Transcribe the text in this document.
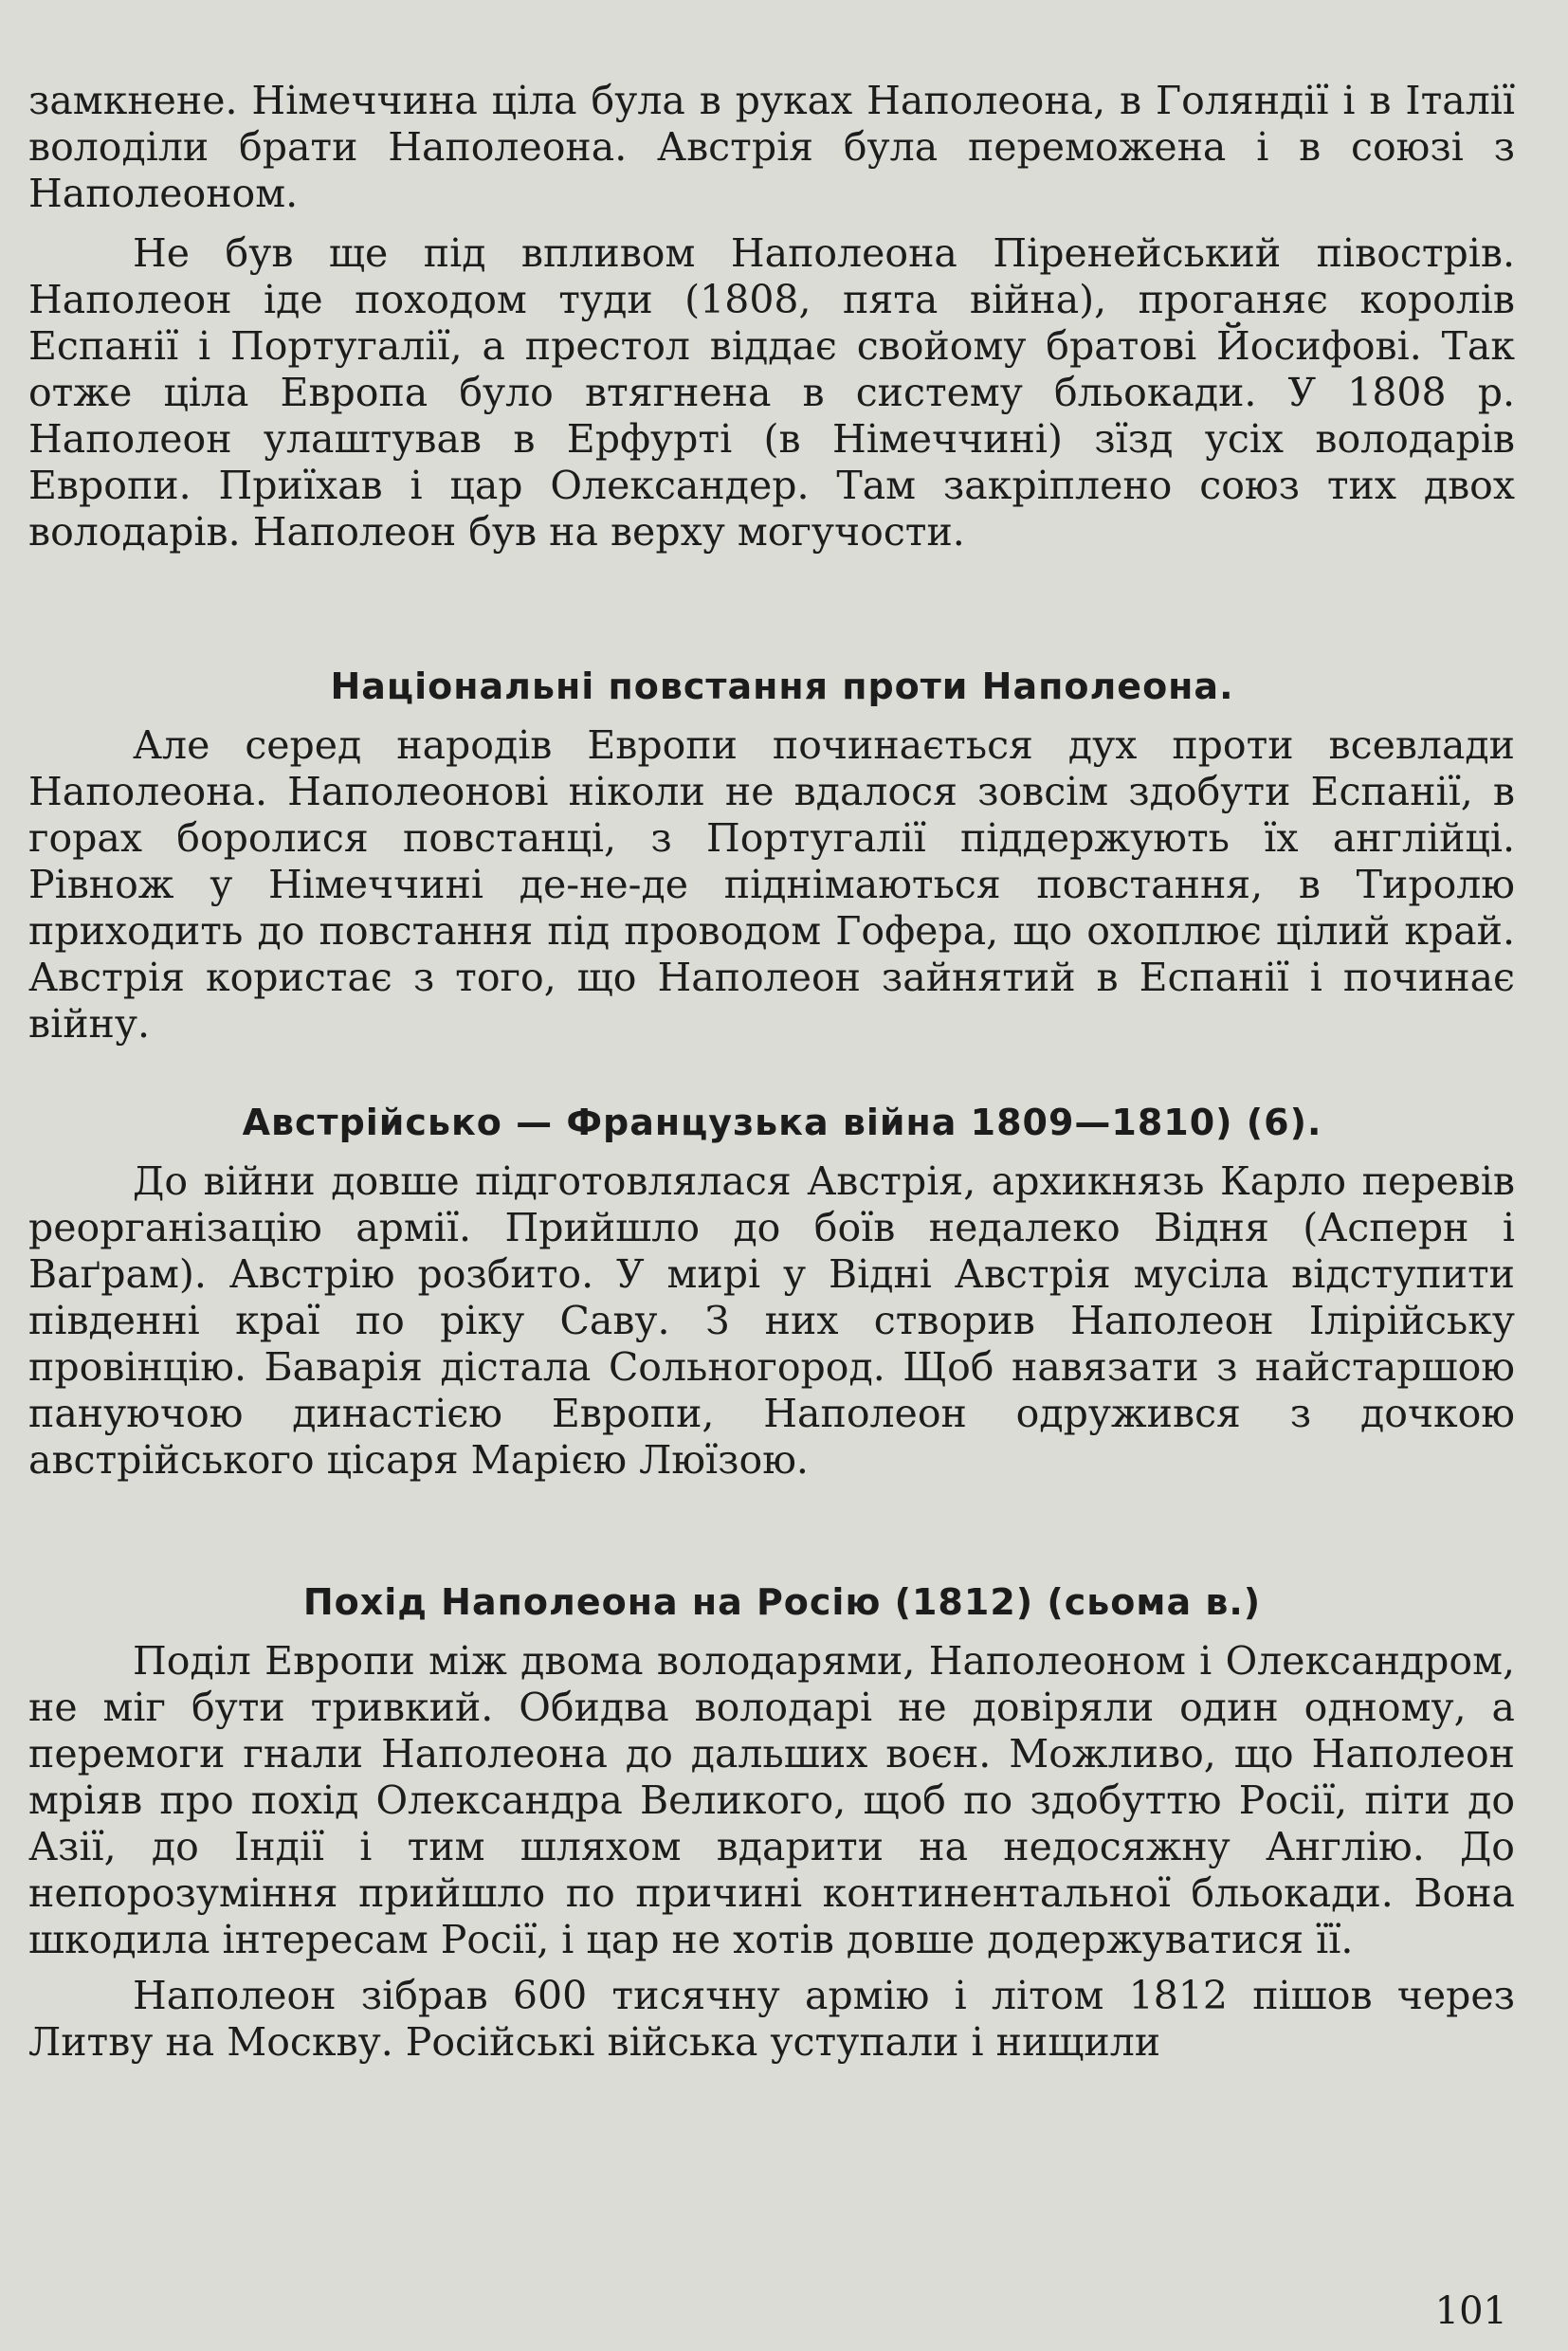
замкнене. Німеччина ціла була в руках Наполеона, в Голяндії і в Італії володіли брати Наполеона. Австрія була переможена і в союзі з Наполеоном.

Не був ще під впливом Наполеона Піренейський півострів. Наполеон іде походом туди (1808, пята війна), проганяє королів Еспанії і Португалії, а престол віддає свойому братові Йосифові. Так отже ціла Европа було втягнена в систему бльокади. У 1808 р. Наполеон улаштував в Ерфурті (в Німеччині) зїзд усіх володарів Европи. Приїхав і цар Олександер. Там закріплено союз тих двох володарів. Наполеон був на верху могучости.

Національні повстання проти Наполеона.

Але серед народів Европи починається дух проти всевлади Наполеона. Наполеонові ніколи не вдалося зовсім здобути Еспанії, в горах боролися повстанці, з Португалії піддержують їх англійці. Рівнож у Німеччині де-не-де піднімаються повстання, в Тиролю приходить до повстання під проводом Гофера, що охоплює цілий край. Австрія користає з того, що Наполеон зайнятий в Еспанії і починає війну.

Австрійсько — Французька війна 1809—1810) (6).

До війни довше підготовлялася Австрія, архикнязь Карло перевів реорганізацію армії. Прийшло до боїв недалеко Відня (Асперн і Ваґрам). Австрію розбито. У мирі у Відні Австрія мусіла відступити південні краї по ріку Саву. З них створив Наполеон Ілірійську провінцію. Баварія дістала Сольногород. Щоб навязати з найстаршою пануючою династією Европи, Наполеон одружився з дочкою австрійського цісаря Марією Люїзою.

Похід Наполеона на Росію (1812) (сьома в.)

Поділ Европи між двома володарями, Наполеоном і Олександром, не міг бути тривкий. Обидва володарі не довіряли один одному, а перемоги гнали Наполеона до дальших воєн. Можливо, що Наполеон мріяв про похід Олександра Великого, щоб по здобуттю Росії, піти до Азії, до Індії і тим шляхом вдарити на недосяжну Англію. До непорозуміння прийшло по причині континентальної бльокади. Вона шкодила інтересам Росії, і цар не хотів довше додержуватися її.

Наполеон зібрав 600 тисячну армію і літом 1812 пішов через Литву на Москву. Російські війська уступали і нищили

101
